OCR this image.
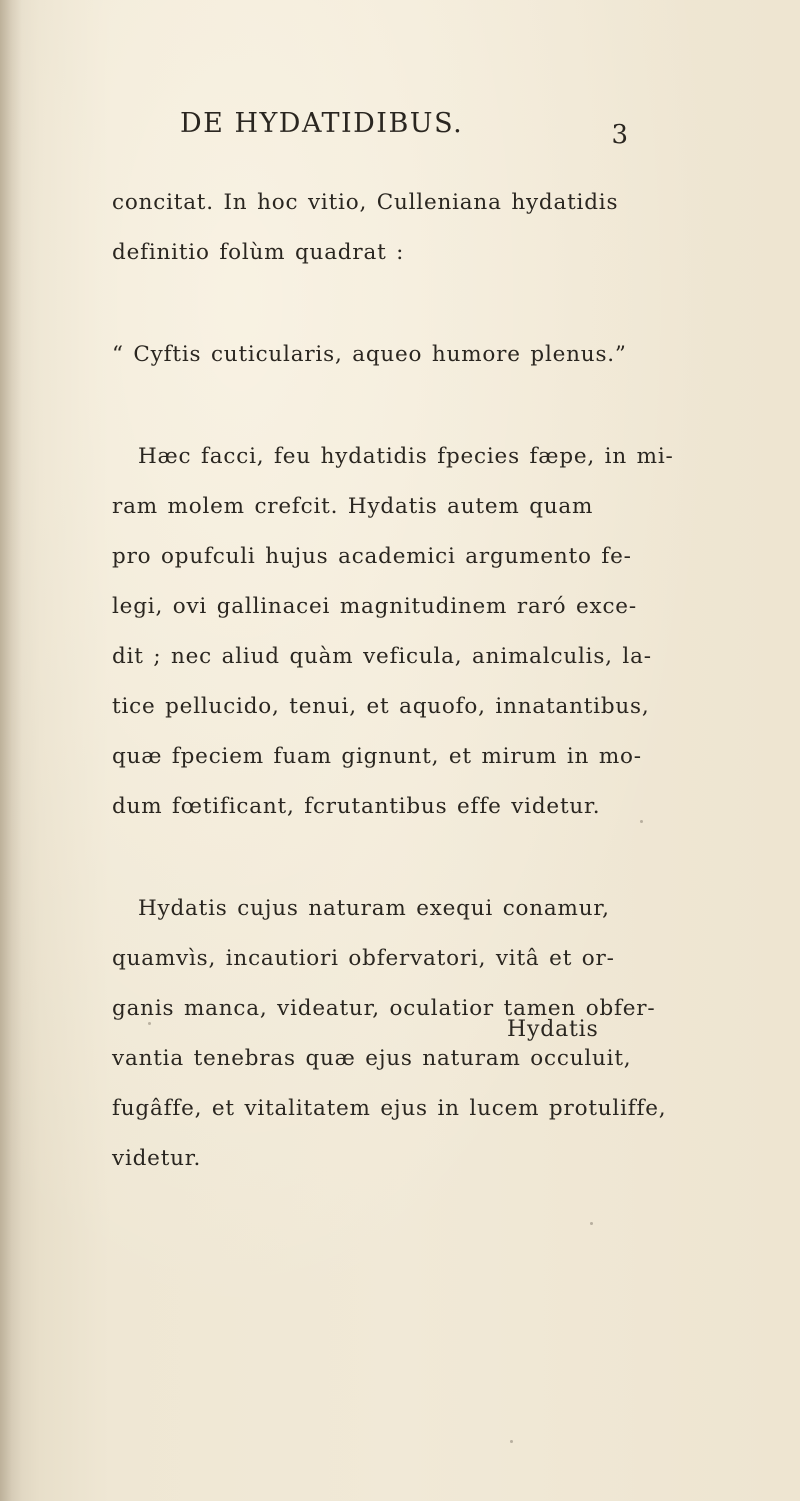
DE HYDATIDIBUS.	3
concitat. In hoc vitio, Culleniana hydatidis
definitio folùm quadrat :
“ Cyftis cuticularis, aqueo humore plenus.”
Hæc facci, feu hydatidis fpecies fæpe, in mi-
ram molem crefcit. Hydatis autem quam
pro opufculi hujus academici argumento fe-
legi, ovi gallinacei magnitudinem raró exce-
dit ; nec aliud quàm veficula, animalculis, la-
tice pellucido, tenui, et aquofo, innatantibus,
quæ fpeciem fuam gignunt, et mirum in mo-
dum fœtificant, fcrutantibus effe videtur.
Hydatis cujus naturam exequi conamur,
quamvìs, incautiori obfervatori, vitâ et or-
ganis manca, videatur, oculatior tamen obfer-
vantia tenebras quæ ejus naturam occuluit,
fugâffe, et vitalitatem ejus in lucem protuliffe,
videtur.
Hydatis
